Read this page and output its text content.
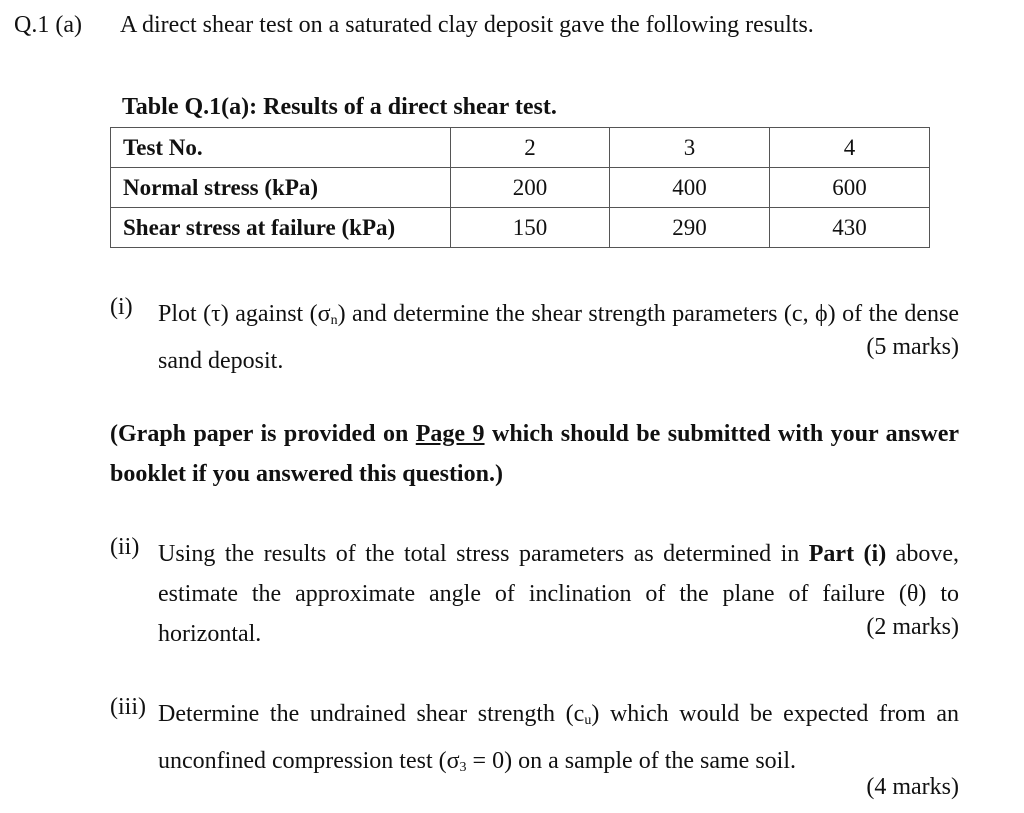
Q.1 (a) A direct shear test on a saturated clay deposit gave the following results.
Table Q.1(a): Results of a direct shear test.
Test No.	2	3	4
Normal stress (kPa)	200	400	600
Shear stress at failure (kPa)	150	290	430
(i) Plot (τ) against $(\sigma_n)$ and determine the shear strength parameters (c, ϕ) of the dense sand deposit.
(5 marks)
(Graph paper is provided on Page 9 which should be submitted with your answer booklet if you answered this question.)
(ii) Using the results of the total stress parameters as determined in Part (i) above, estimate the approximate angle of inclination of the plane of failure (θ) to horizontal.	(2 marks)
(iii) Determine the undrained shear strength $(c_u)$ which would be expected from an unconfined compression test $(\sigma_3 = 0)$ on a sample of the same soil.
(4 marks)
